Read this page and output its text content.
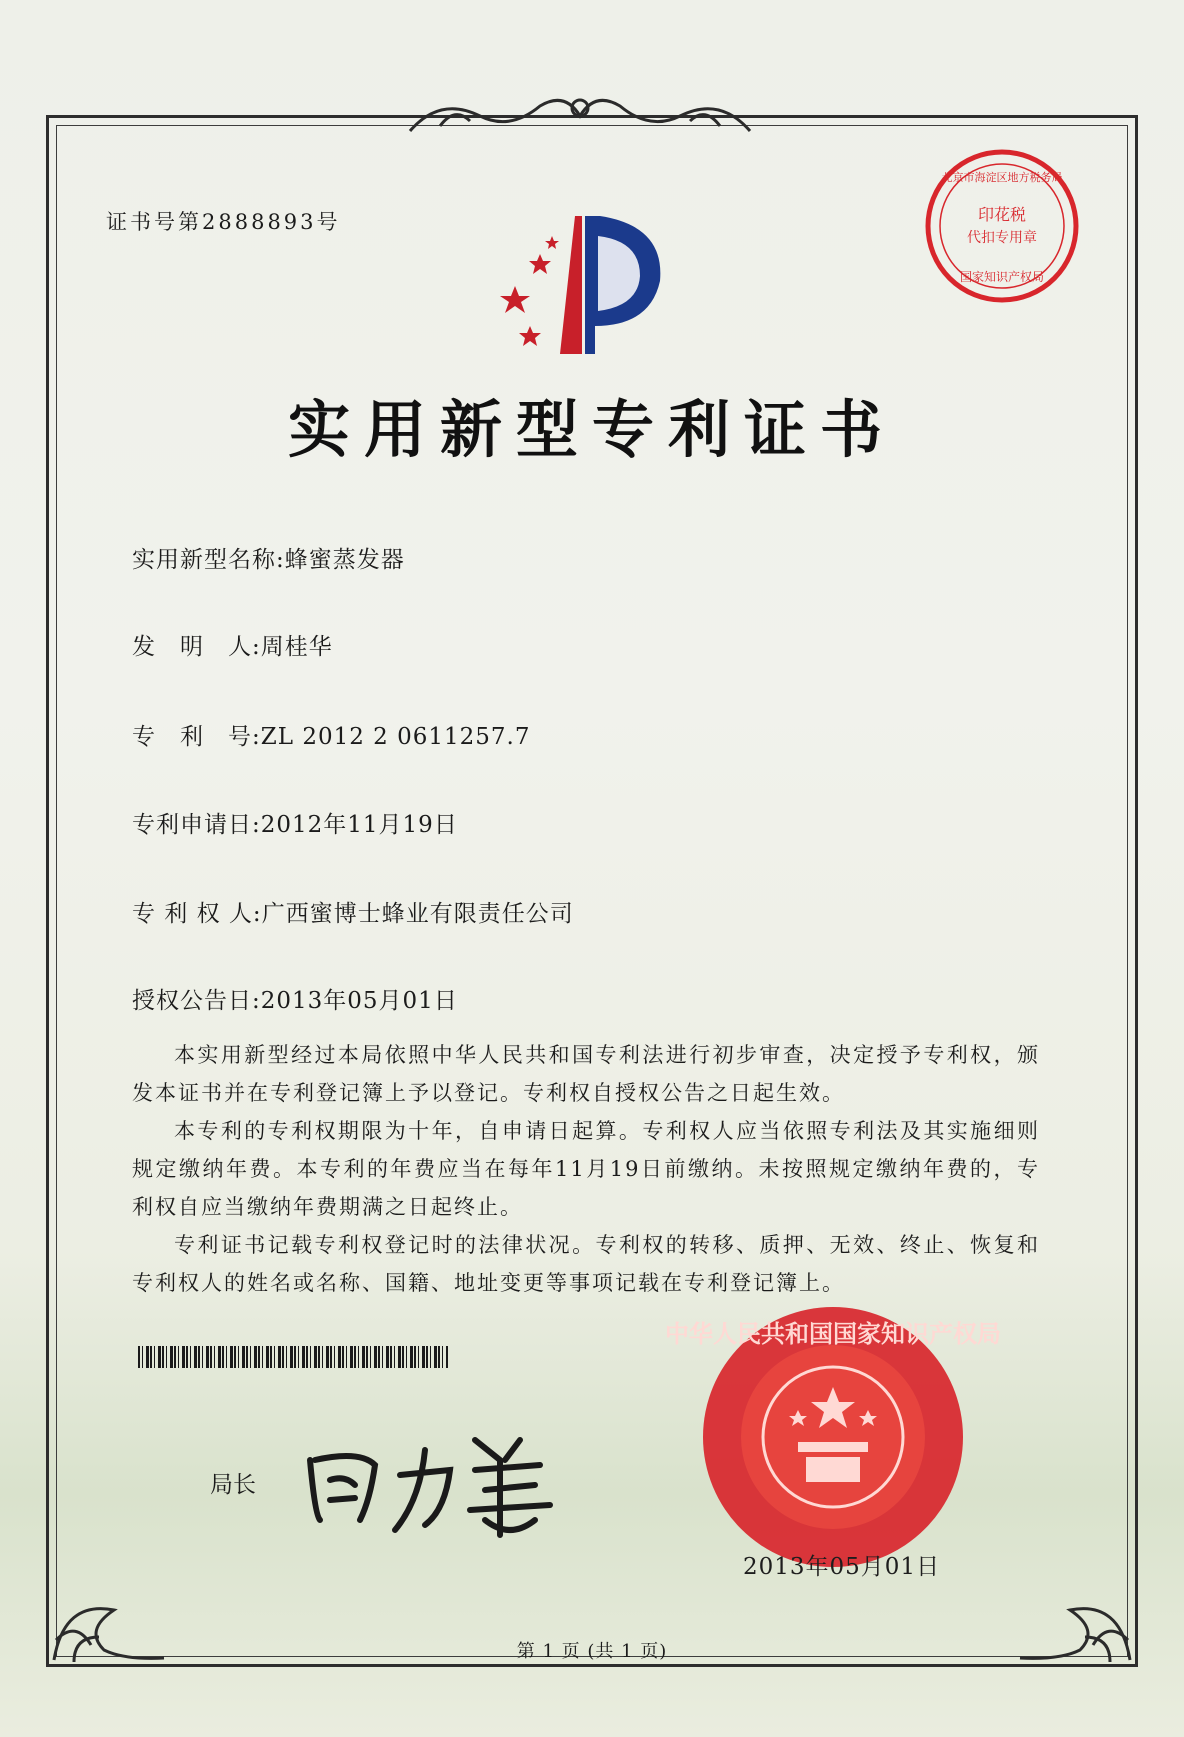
证书号第2888893号	印花税
代扣专用章
北京市海淀区地方税务局
国家知识产权局
实用新型专利证书
实用新型名称:蜂蜜蒸发器
发　明　人:周桂华
专　利　号:ZL 2012 2 0611257.7
专利申请日:2012年11月19日
专 利 权 人:广西蜜博士蜂业有限责任公司
授权公告日:2013年05月01日

本实用新型经过本局依照中华人民共和国专利法进行初步审查，决定授予专利权，颁发本证书并在专利登记簿上予以登记。专利权自授权公告之日起生效。

本专利的专利权期限为十年，自申请日起算。专利权人应当依照专利法及其实施细则规定缴纳年费。本专利的年费应当在每年11月19日前缴纳。未按照规定缴纳年费的，专利权自应当缴纳年费期满之日起终止。

专利证书记载专利权登记时的法律状况。专利权的转移、质押、无效、终止、恢复和专利权人的姓名或名称、国籍、地址变更等事项记载在专利登记簿上。

局长
中华人民共和国国家知识产权局
2013年05月01日
第 1 页 (共 1 页)
